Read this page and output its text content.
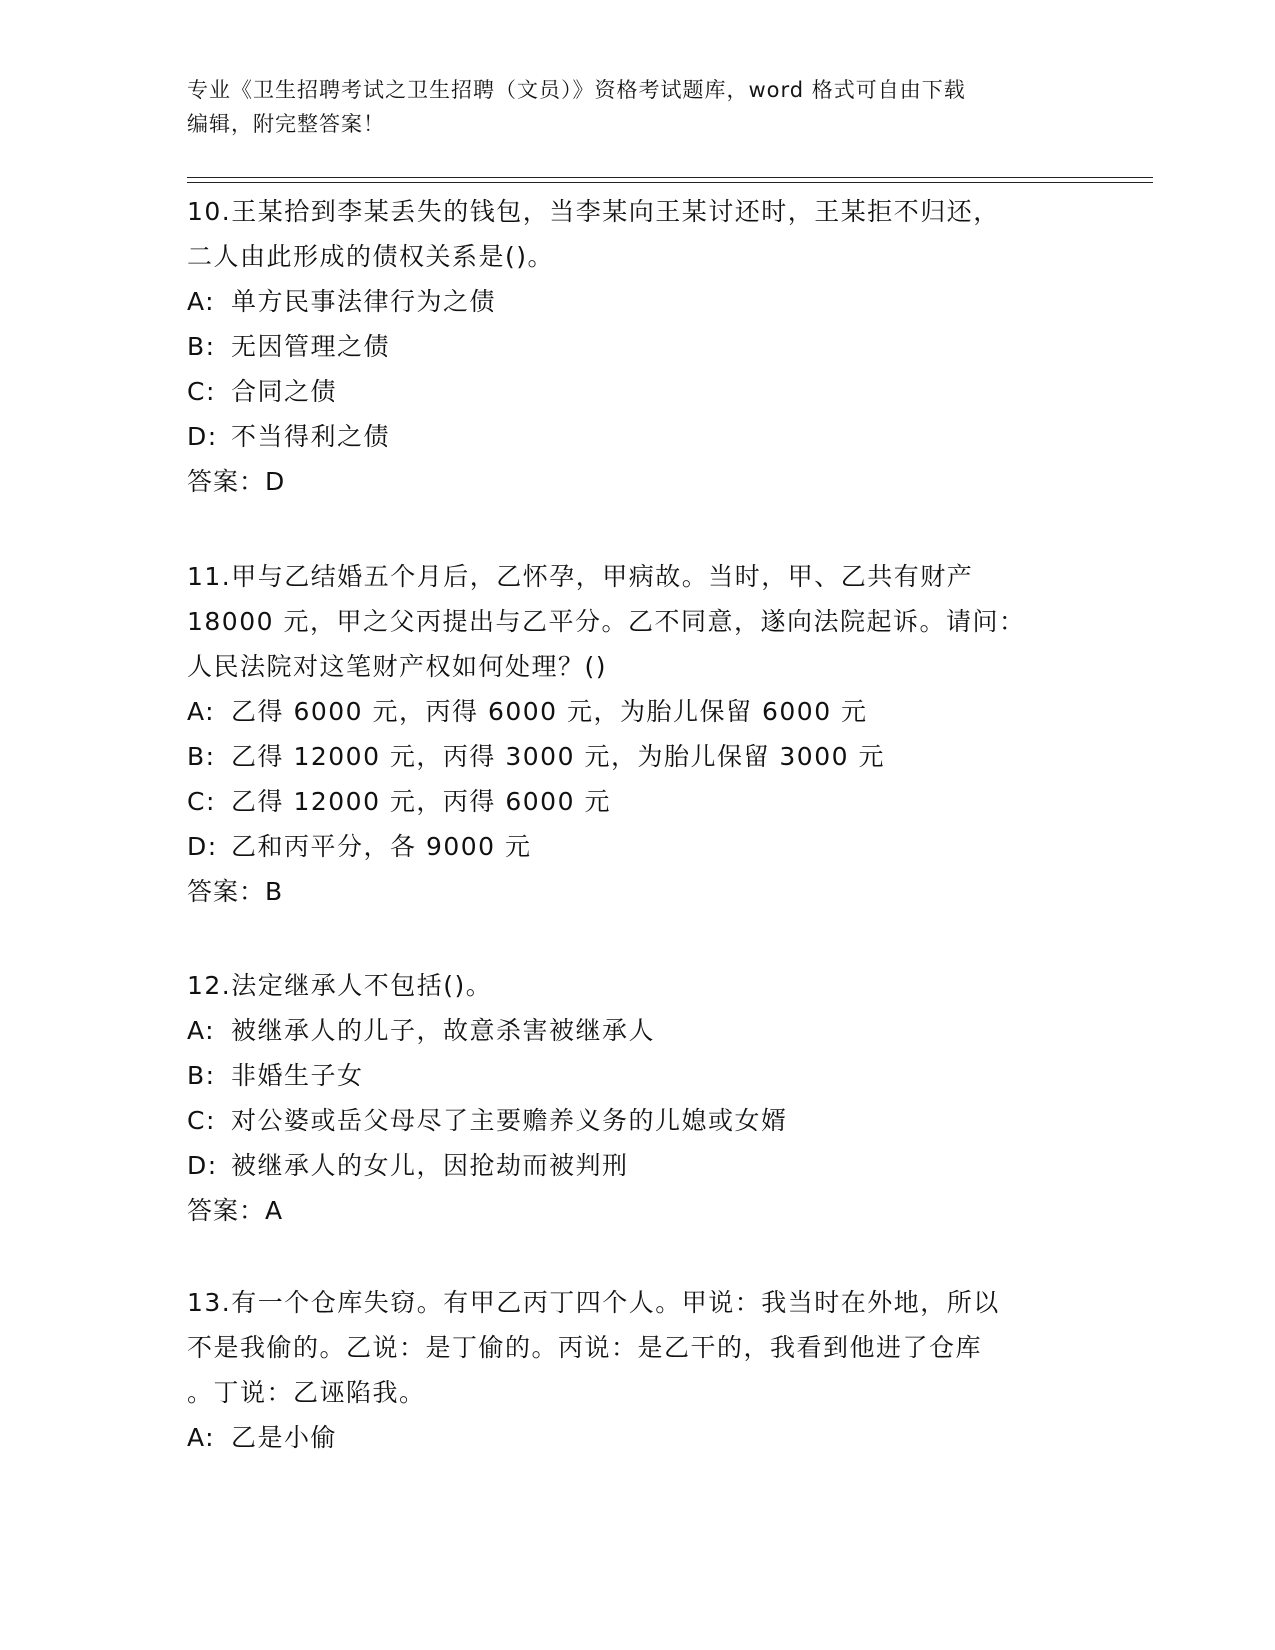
专业《卫生招聘考试之卫生招聘（文员）》资格考试题库，word 格式可自由下载
编辑，附完整答案！
10.王某拾到李某丢失的钱包，当李某向王某讨还时，王某拒不归还，
二人由此形成的债权关系是()。
A: 单方民事法律行为之债
B: 无因管理之债
C: 合同之债
D: 不当得利之债
答案：D
11.甲与乙结婚五个月后，乙怀孕，甲病故。当时，甲、乙共有财产
18000 元，甲之父丙提出与乙平分。乙不同意，遂向法院起诉。请问：
人民法院对这笔财产权如何处理？()
A: 乙得 6000 元，丙得 6000 元，为胎儿保留 6000 元
B: 乙得 12000 元，丙得 3000 元，为胎儿保留 3000 元
C: 乙得 12000 元，丙得 6000 元
D: 乙和丙平分，各 9000 元
答案：B
12.法定继承人不包括()。
A: 被继承人的儿子，故意杀害被继承人
B: 非婚生子女
C: 对公婆或岳父母尽了主要赡养义务的儿媳或女婿
D: 被继承人的女儿，因抢劫而被判刑
答案：A
13.有一个仓库失窃。有甲乙丙丁四个人。甲说：我当时在外地，所以
不是我偷的。乙说：是丁偷的。丙说：是乙干的，我看到他进了仓库
。丁说：乙诬陷我。
A: 乙是小偷
